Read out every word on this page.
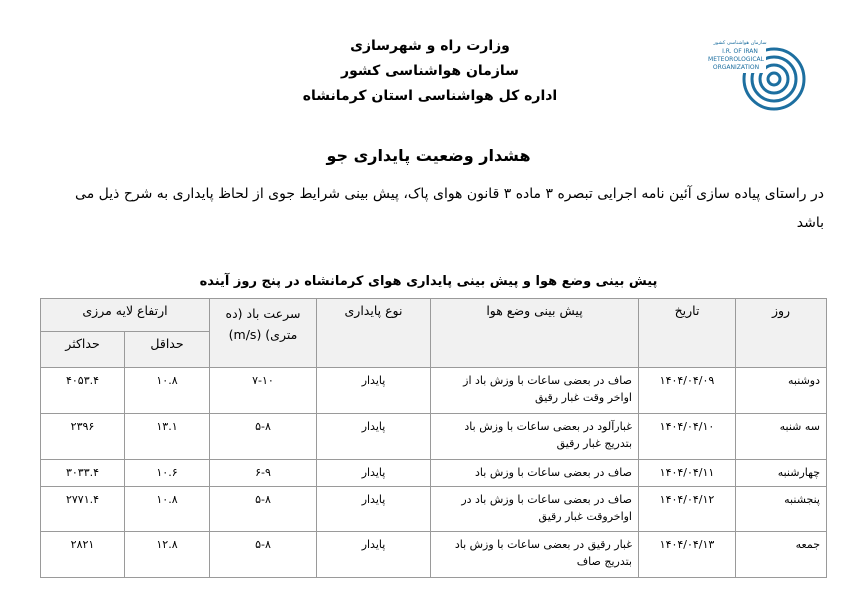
وزارت راه و شهرسازی
سازمان هواشناسی کشور
اداره کل هواشناسی استان کرمانشاه
سازمان هواشناسی کشور
I.R. OF IRAN
METEOROLOGICAL
ORGANIZATION
هشدار وضعیت پایداری جو
در راستای پیاده سازی آئین نامه اجرایی تبصره ۳ ماده ۳ قانون هوای پاک، پیش بینی شرایط جوی از لحاظ پایداری به شرح ذیل می باشد
پیش بینی وضع هوا و پیش بینی پایداری هوای کرمانشاه در پنج روز آینده
روز	تاریخ	پیش بینی وضع هوا	نوع پایداری	سرعت باد (ده متری) (m/s)	ارتفاع لایه مرزی	
					حداقل	حداکثر
دوشنبه	۱۴۰۴/۰۴/۰۹	صاف در بعضی ساعات با وزش باد از اواخر وقت غبار رقیق	پایدار	۷-۱۰	۱۰.۸	۴۰۵۳.۴
سه شنبه	۱۴۰۴/۰۴/۱۰	غبارآلود در بعضی ساعات با وزش باد بتدریج غبار رقیق	پایدار	۵-۸	۱۳.۱	۲۳۹۶
چهارشنبه	۱۴۰۴/۰۴/۱۱	صاف در بعضی ساعات با وزش باد	پایدار	۶-۹	۱۰.۶	۳۰۳۳.۴
پنجشنبه	۱۴۰۴/۰۴/۱۲	صاف در بعضی ساعات با وزش باد در اواخروقت غبار رقیق	پایدار	۵-۸	۱۰.۸	۲۷۷۱.۴
جمعه	۱۴۰۴/۰۴/۱۳	غبار رقیق در بعضی ساعات با وزش باد بتدریج صاف	پایدار	۵-۸	۱۲.۸	۲۸۲۱
